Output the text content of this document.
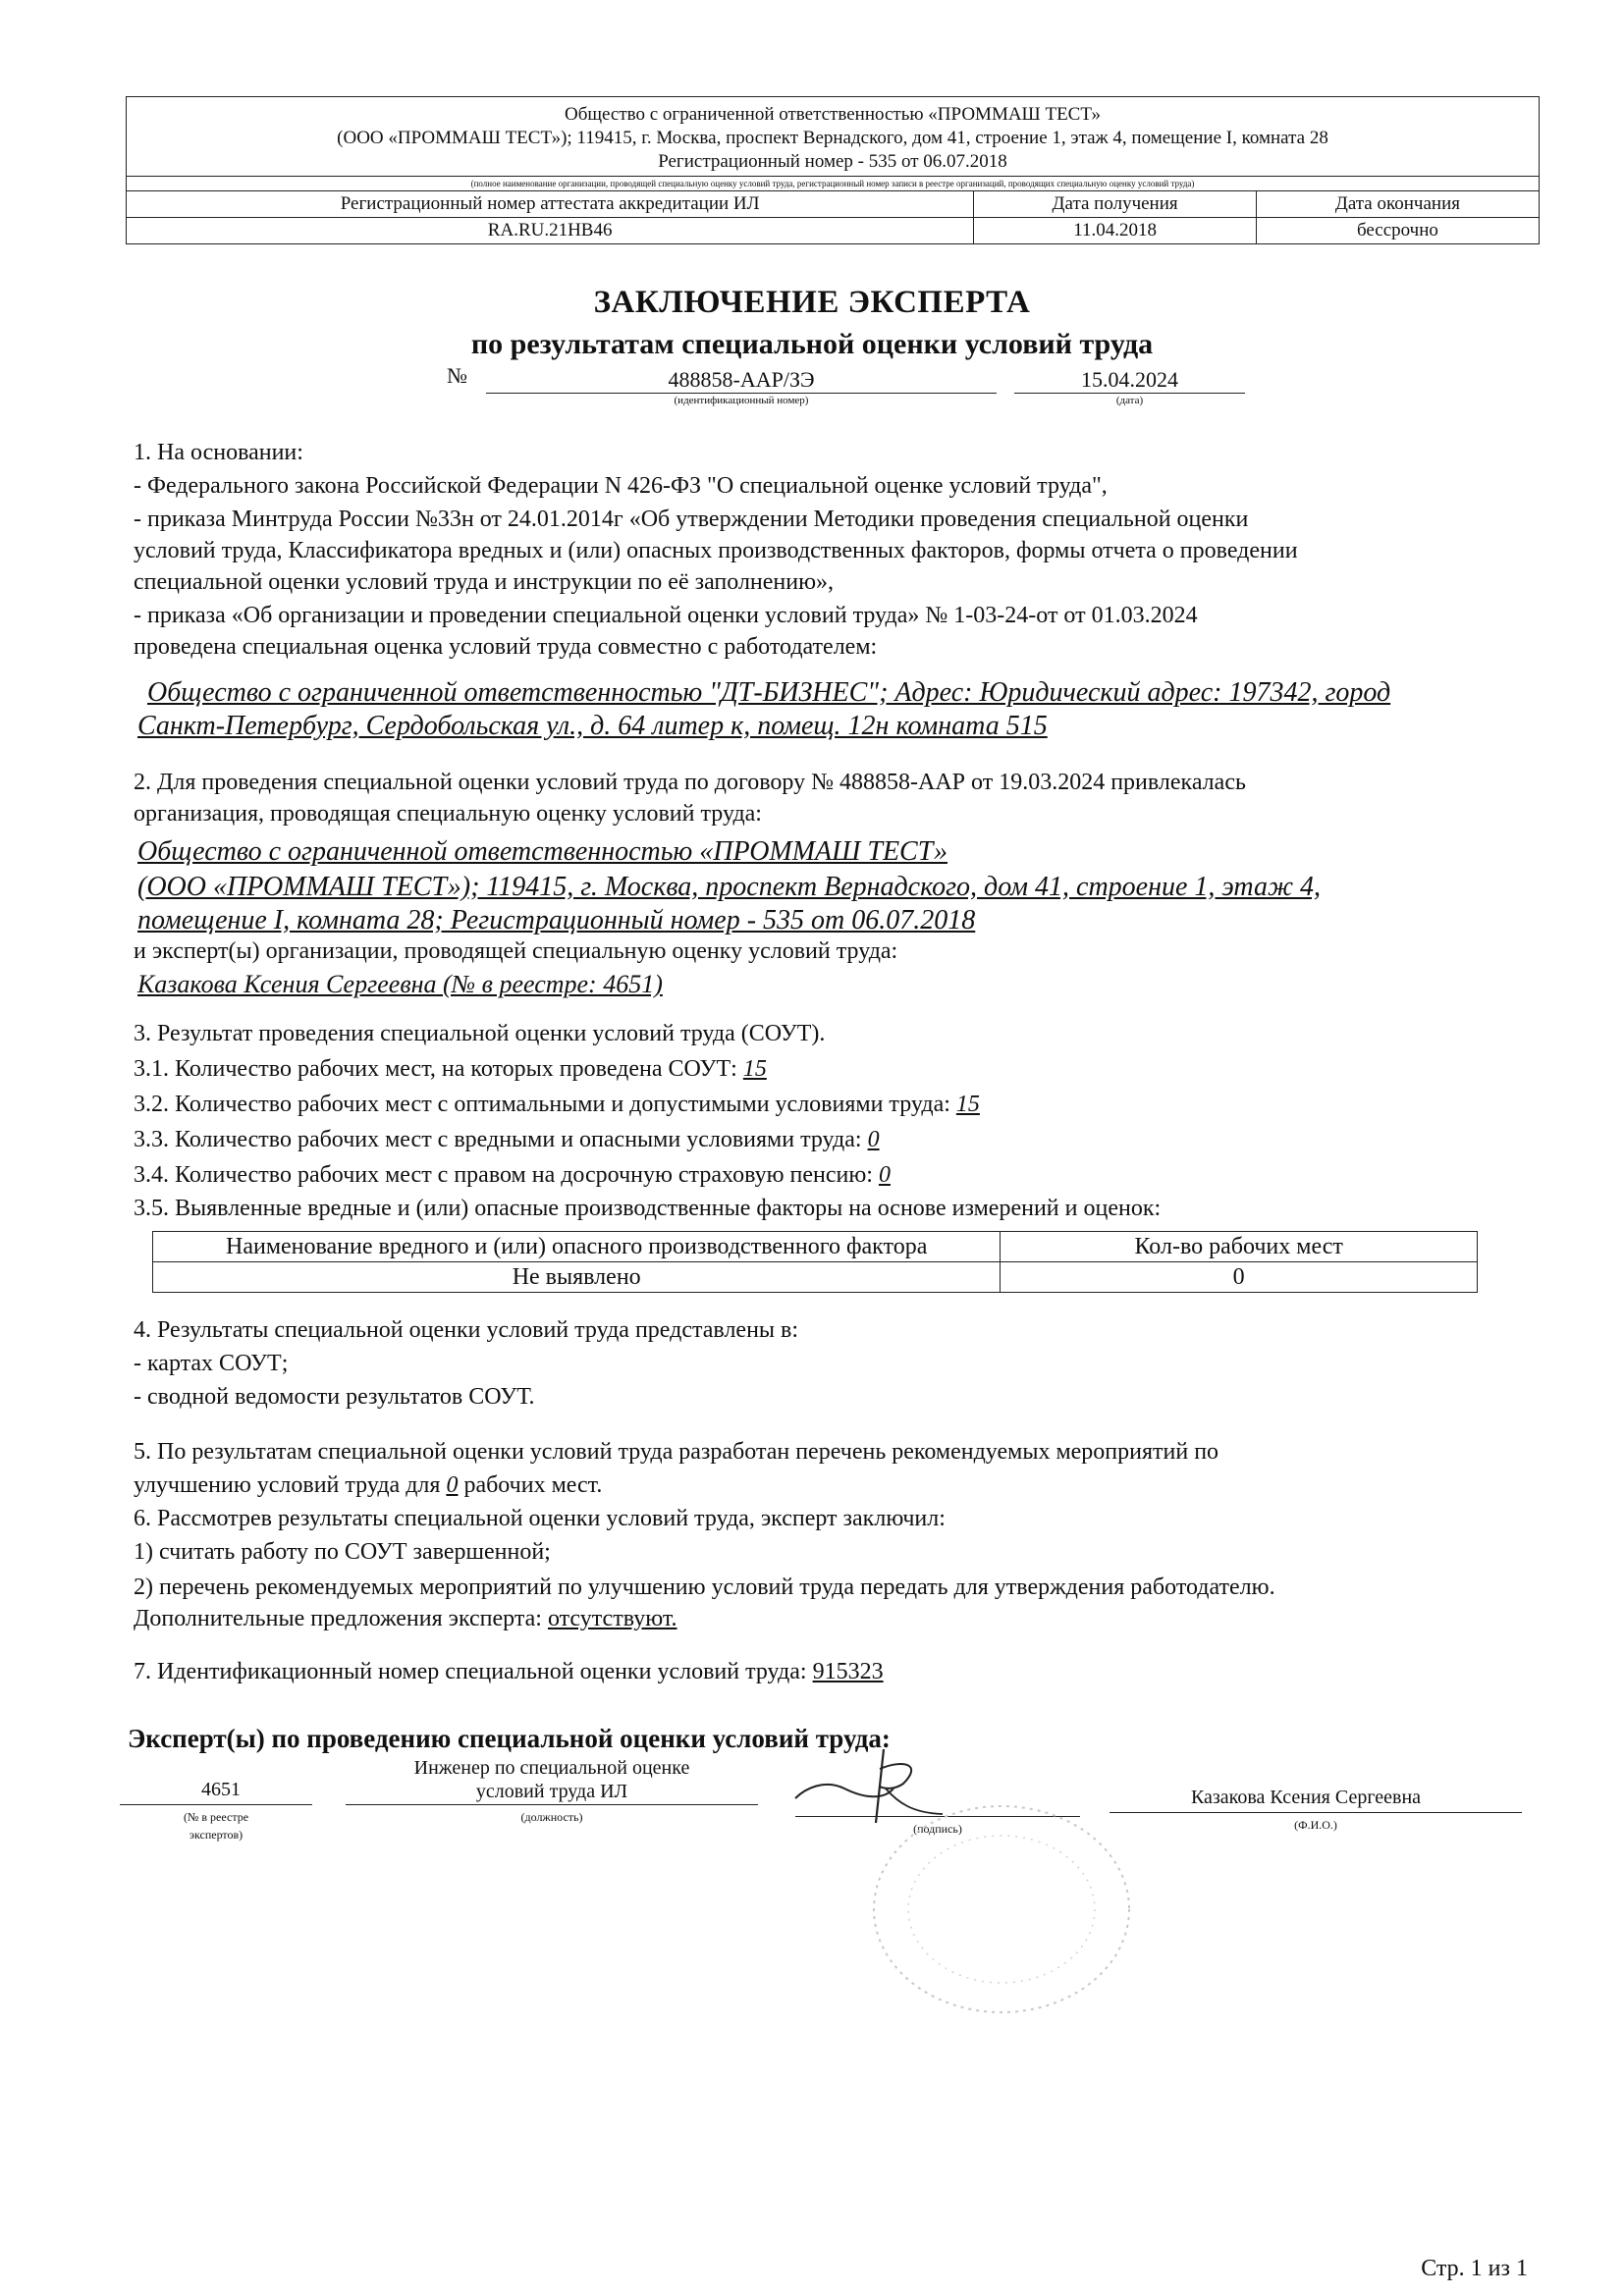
Общество с ограниченной ответственностью «ПРОММАШ ТЕСТ»
(ООО «ПРОММАШ ТЕСТ»); 119415, г. Москва, проспект Вернадского, дом 41, строение 1, этаж 4, помещение I, комната 28
Регистрационный номер - 535 от 06.07.2018
(полное наименование организации, проводящей специальную оценку условий труда, регистрационный номер записи в реестре организаций, проводящих специальную оценку условий труда)
Регистрационный номер аттестата аккредитации ИЛ	Дата получения	Дата окончания
RA.RU.21HB46	11.04.2018	бессрочно
ЗАКЛЮЧЕНИЕ ЭКСПЕРТА
по результатам специальной оценки условий труда
№	488858-ААР/ЗЭ
(идентификационный номер)
15.04.2024
(дата)
1. На основании:
- Федерального закона Российской Федерации N 426-ФЗ "О специальной оценке условий труда",
- приказа Минтруда России №33н от 24.01.2014г «Об утверждении Методики проведения специальной оценки
условий труда, Классификатора вредных и (или) опасных производственных факторов, формы отчета о проведении
специальной оценки условий труда и инструкции по её заполнению»,
- приказа «Об организации и проведении специальной оценки условий труда» № 1-03-24-от от 01.03.2024
проведена специальная оценка условий труда совместно с работодателем:
Общество с ограниченной ответственностью "ДТ-БИЗНЕС"; Адрес: Юридический адрес: 197342, город
Санкт-Петербург, Сердобольская ул., д. 64 литер к, помещ. 12н комната 515
2. Для проведения специальной оценки условий труда по договору № 488858-ААР от 19.03.2024 привлекалась
организация, проводящая специальную оценку условий труда:
Общество с ограниченной ответственностью «ПРОММАШ ТЕСТ»
(ООО «ПРОММАШ ТЕСТ»); 119415, г. Москва, проспект Вернадского, дом 41, строение 1, этаж 4,
помещение I, комната 28; Регистрационный номер - 535 от 06.07.2018
и эксперт(ы) организации, проводящей специальную оценку условий труда:
Казакова Ксения Сергеевна (№ в реестре: 4651)
3. Результат проведения специальной оценки условий труда (СОУТ).
3.1. Количество рабочих мест, на которых проведена СОУТ: 15
3.2. Количество рабочих мест с оптимальными и допустимыми условиями труда: 15
3.3. Количество рабочих мест с вредными и опасными условиями труда: 0
3.4. Количество рабочих мест с правом на досрочную страховую пенсию: 0
3.5. Выявленные вредные и (или) опасные производственные факторы на основе измерений и оценок:
Наименование вредного и (или) опасного производственного фактора	Кол-во рабочих мест
Не выявлено	0
4. Результаты специальной оценки условий труда представлены в:
- картах СОУТ;
- сводной ведомости результатов СОУТ.
5. По результатам специальной оценки условий труда разработан перечень рекомендуемых мероприятий по
улучшению условий труда для 0 рабочих мест.
6. Рассмотрев результаты специальной оценки условий труда, эксперт заключил:
1) считать работу по СОУТ завершенной;
2) перечень рекомендуемых мероприятий по улучшению условий труда передать для утверждения работодателю.
Дополнительные предложения эксперта: отсутствуют.
7. Идентификационный номер специальной оценки условий труда: 915323
Эксперт(ы) по проведению специальной оценки условий труда:
4651
(№ в реестре
экспертов)
Инженер по специальной оценке
условий труда ИЛ
(должность)
(подпись)
Казакова Ксения Сергеевна
(Ф.И.О.)
Стр. 1 из 1
